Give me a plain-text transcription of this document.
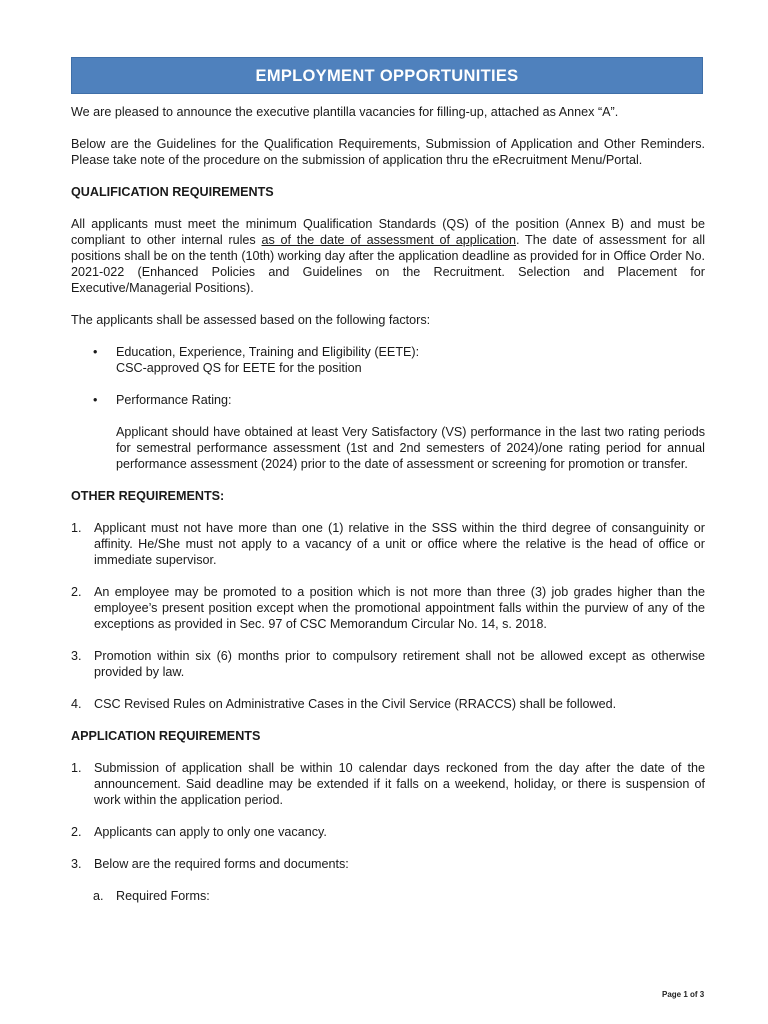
EMPLOYMENT OPPORTUNITIES

We are pleased to announce the executive plantilla vacancies for filling-up, attached as Annex “A”.

Below are the Guidelines for the Qualification Requirements, Submission of Application and Other Reminders. Please take note of the procedure on the submission of application thru the eRecruitment Menu/Portal.

QUALIFICATION REQUIREMENTS

All applicants must meet the minimum Qualification Standards (QS) of the position (Annex B) and must be compliant to other internal rules as of the date of assessment of application. The date of assessment for all positions shall be on the tenth (10th) working day after the application deadline as provided for in Office Order No. 2021-022 (Enhanced Policies and Guidelines on the Recruitment. Selection and Placement for Executive/Managerial Positions).

The applicants shall be assessed based on the following factors:

• Education, Experience, Training and Eligibility (EETE):
CSC-approved QS for EETE for the position
• Performance Rating:
Applicant should have obtained at least Very Satisfactory (VS) performance in the last two rating periods for semestral performance assessment (1st and 2nd semesters of 2024)/one rating period for annual performance assessment (2024) prior to the date of assessment or screening for promotion or transfer.

OTHER REQUIREMENTS:

1. Applicant must not have more than one (1) relative in the SSS within the third degree of consanguinity or affinity. He/She must not apply to a vacancy of a unit or office where the relative is the head of office or immediate supervisor.
2. An employee may be promoted to a position which is not more than three (3) job grades higher than the employee’s present position except when the promotional appointment falls within the purview of any of the exceptions as provided in Sec. 97 of CSC Memorandum Circular No. 14, s. 2018.
3. Promotion within six (6) months prior to compulsory retirement shall not be allowed except as otherwise provided by law.
4. CSC Revised Rules on Administrative Cases in the Civil Service (RRACCS) shall be followed.

APPLICATION REQUIREMENTS

1. Submission of application shall be within 10 calendar days reckoned from the day after the date of the announcement. Said deadline may be extended if it falls on a weekend, holiday, or there is suspension of work within the application period.
2. Applicants can apply to only one vacancy.
3. Below are the required forms and documents:
a. Required Forms:
Page 1 of 3
